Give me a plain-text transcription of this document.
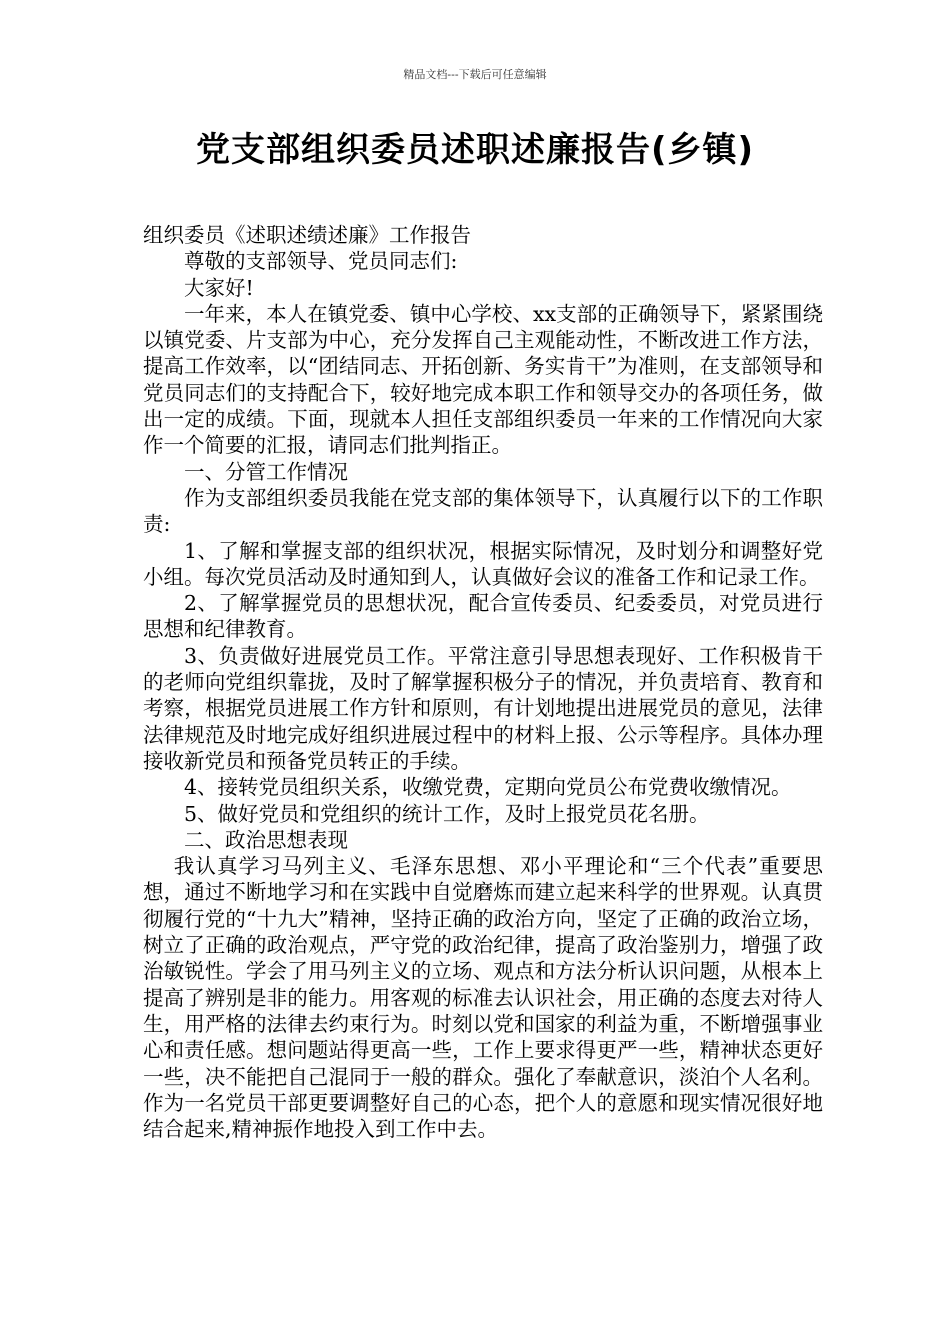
精品文档---下载后可任意编辑
党支部组织委员述职述廉报告(乡镇)

组织委员《述职述绩述廉》工作报告

尊敬的支部领导、党员同志们:

大家好!

一年来，本人在镇党委、镇中心学校、xx支部的正确领导下，紧紧围绕以镇党委、片支部为中心，充分发挥自己主观能动性，不断改进工作方法，提高工作效率，以“团结同志、开拓创新、务实肯干”为准则，在支部领导和党员同志们的支持配合下，较好地完成本职工作和领导交办的各项任务，做出一定的成绩。下面，现就本人担任支部组织委员一年来的工作情况向大家作一个简要的汇报，请同志们批判指正。

一、分管工作情况

作为支部组织委员我能在党支部的集体领导下，认真履行以下的工作职责:

1、了解和掌握支部的组织状况，根据实际情况，及时划分和调整好党小组。每次党员活动及时通知到人，认真做好会议的准备工作和记录工作。

2、了解掌握党员的思想状况，配合宣传委员、纪委委员，对党员进行思想和纪律教育。

3、负责做好进展党员工作。平常注意引导思想表现好、工作积极肯干的老师向党组织靠拢，及时了解掌握积极分子的情况，并负责培育、教育和考察，根据党员进展工作方针和原则，有计划地提出进展党员的意见，法律法律规范及时地完成好组织进展过程中的材料上报、公示等程序。具体办理接收新党员和预备党员转正的手续。

4、接转党员组织关系，收缴党费，定期向党员公布党费收缴情况。

5、做好党员和党组织的统计工作，及时上报党员花名册。

二、政治思想表现

我认真学习马列主义、毛泽东思想、邓小平理论和“三个代表”重要思想，通过不断地学习和在实践中自觉磨炼而建立起来科学的世界观。认真贯彻履行党的“十九大”精神，坚持正确的政治方向，坚定了正确的政治立场，树立了正确的政治观点，严守党的政治纪律，提高了政治鉴别力，增强了政治敏锐性。学会了用马列主义的立场、观点和方法分析认识问题，从根本上提高了辨别是非的能力。用客观的标准去认识社会，用正确的态度去对待人生，用严格的法律去约束行为。时刻以党和国家的利益为重，不断增强事业心和责任感。想问题站得更高一些，工作上要求得更严一些，精神状态更好一些，决不能把自己混同于一般的群众。强化了奉献意识，淡泊个人名利。作为一名党员干部更要调整好自己的心态，把个人的意愿和现实情况很好地结合起来,精神振作地投入到工作中去。
